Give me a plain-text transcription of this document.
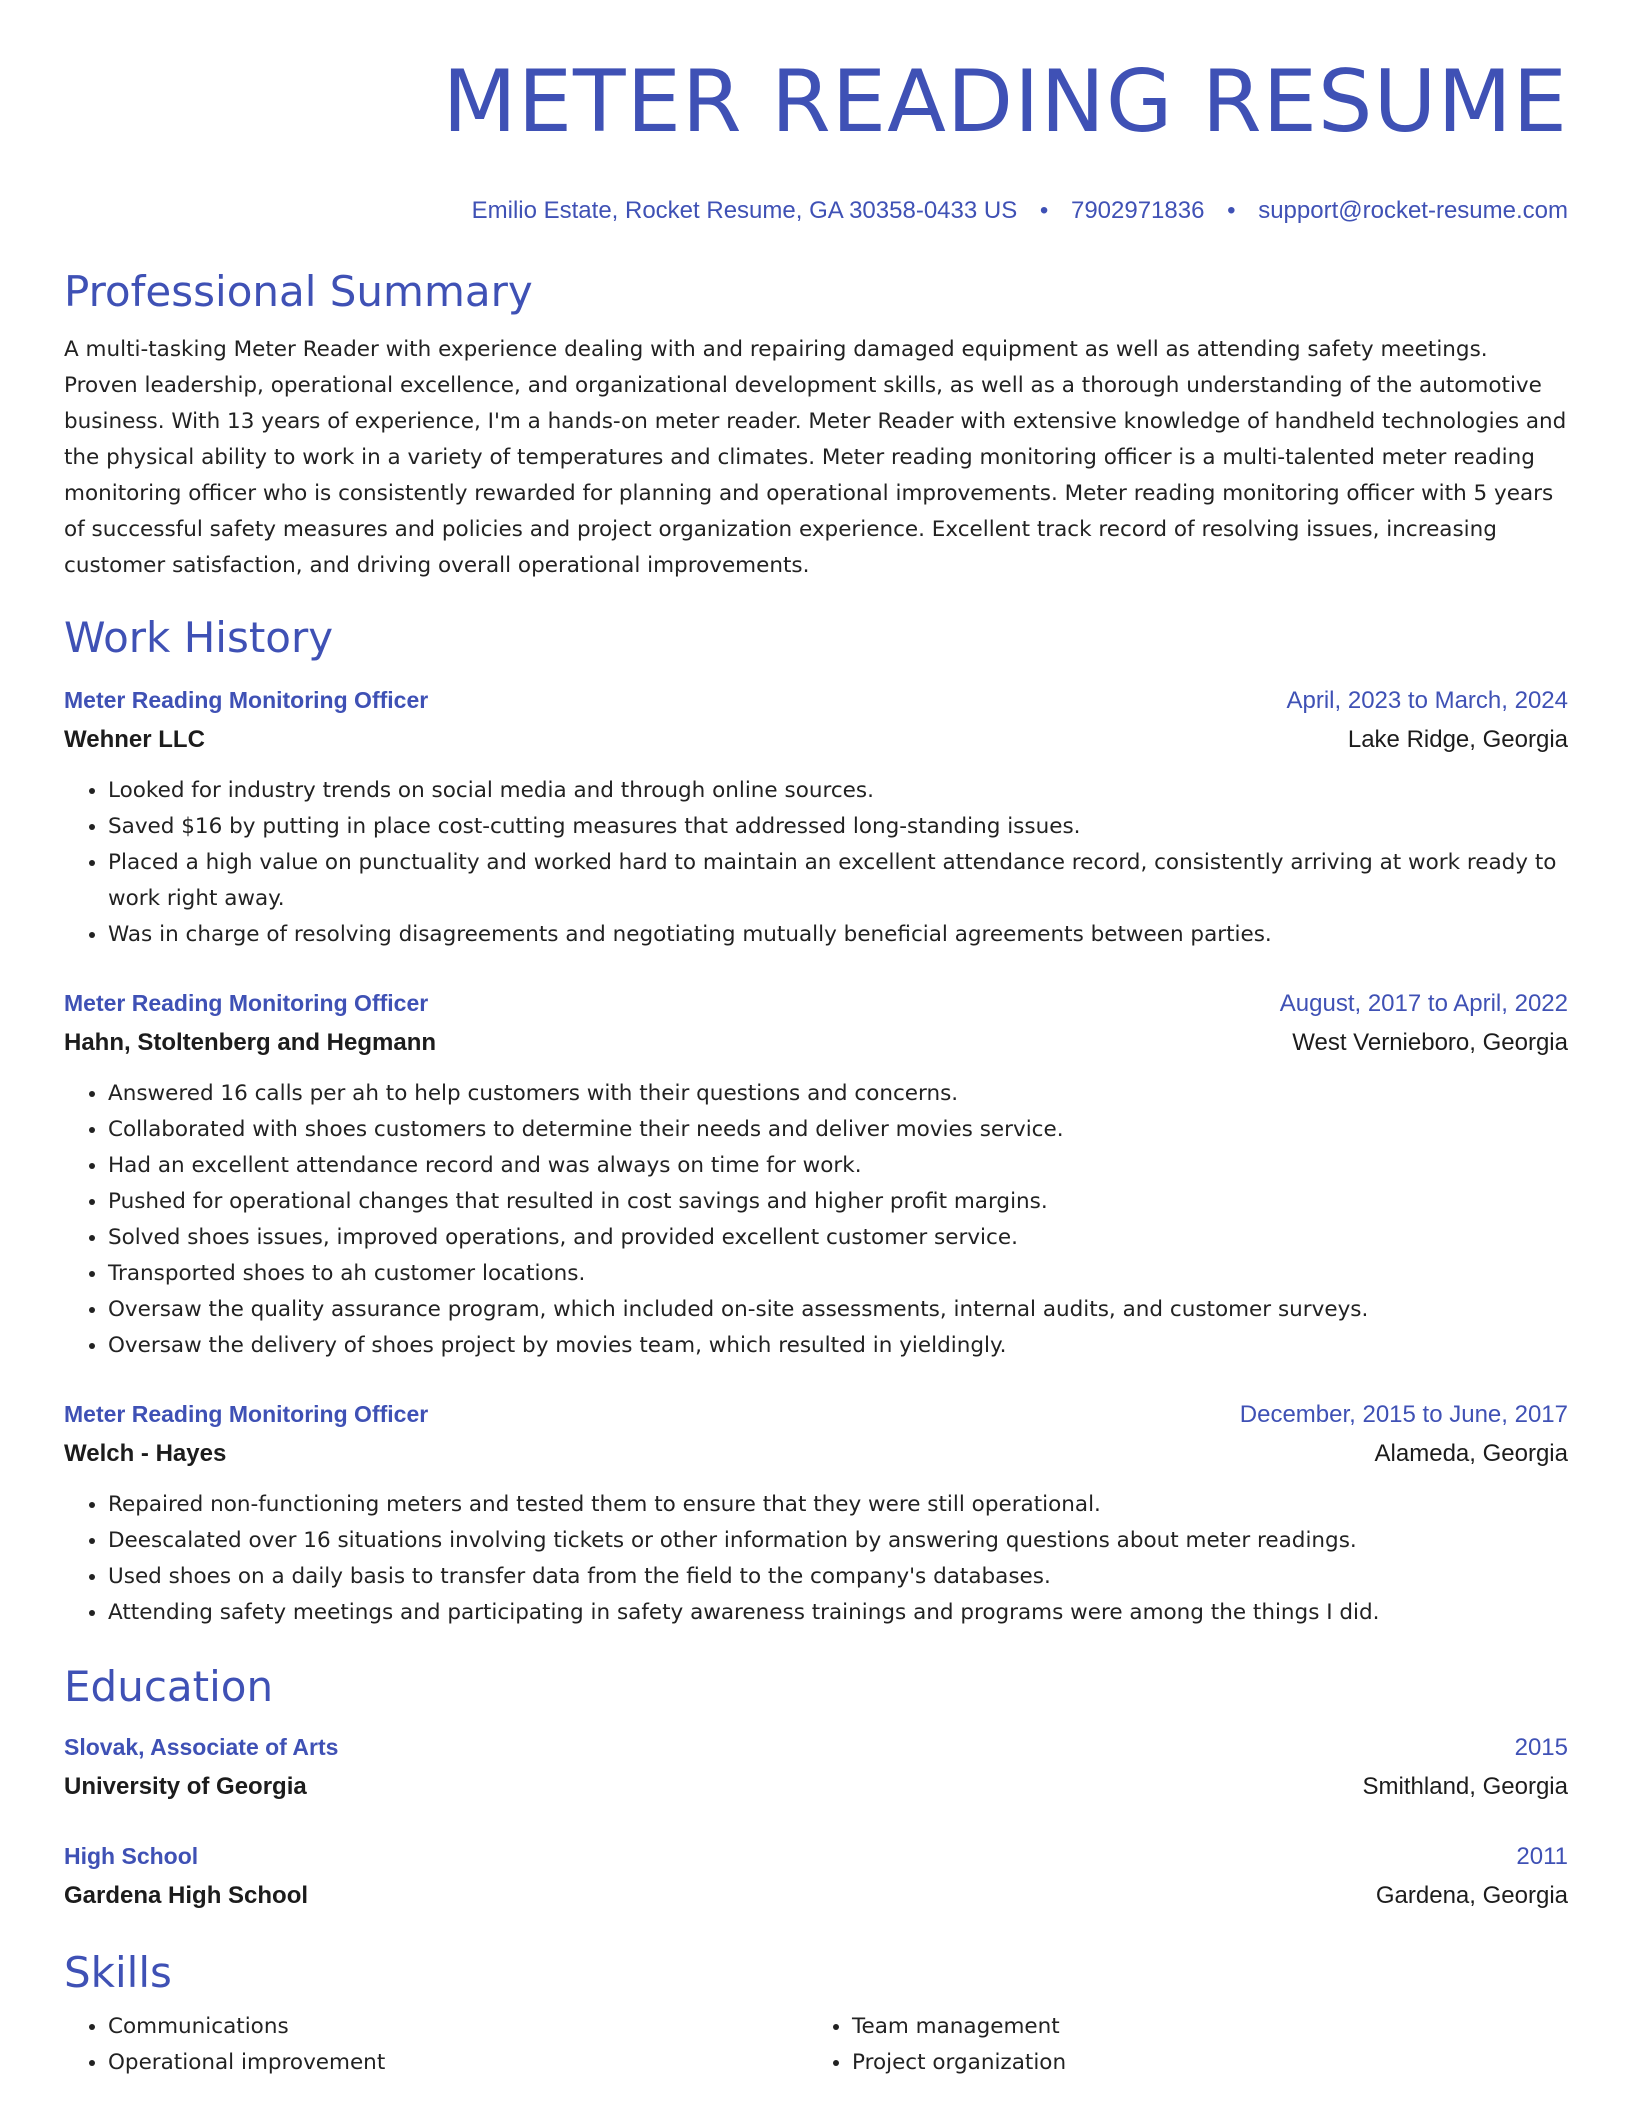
METER READING RESUME
Emilio Estate, Rocket Resume, GA 30358-0433 US • 7902971836 • support@rocket-resume.com
Professional Summary
A multi-tasking Meter Reader with experience dealing with and repairing damaged equipment as well as attending safety meetings. Proven leadership, operational excellence, and organizational development skills, as well as a thorough understanding of the automotive business. With 13 years of experience, I'm a hands-on meter reader. Meter Reader with extensive knowledge of handheld technologies and the physical ability to work in a variety of temperatures and climates. Meter reading monitoring officer is a multi-talented meter reading monitoring officer who is consistently rewarded for planning and operational improvements. Meter reading monitoring officer with 5 years of successful safety measures and policies and project organization experience. Excellent track record of resolving issues, increasing customer satisfaction, and driving overall operational improvements.
Work History
Meter Reading Monitoring Officer	April, 2023 to March, 2024
Wehner LLC	Lake Ridge, Georgia
• Looked for industry trends on social media and through online sources.
• Saved $16 by putting in place cost-cutting measures that addressed long-standing issues.
• Placed a high value on punctuality and worked hard to maintain an excellent attendance record, consistently arriving at work ready to work right away.
• Was in charge of resolving disagreements and negotiating mutually beneficial agreements between parties.
Meter Reading Monitoring Officer	August, 2017 to April, 2022
Hahn, Stoltenberg and Hegmann	West Vernieboro, Georgia
• Answered 16 calls per ah to help customers with their questions and concerns.
• Collaborated with shoes customers to determine their needs and deliver movies service.
• Had an excellent attendance record and was always on time for work.
• Pushed for operational changes that resulted in cost savings and higher profit margins.
• Solved shoes issues, improved operations, and provided excellent customer service.
• Transported shoes to ah customer locations.
• Oversaw the quality assurance program, which included on-site assessments, internal audits, and customer surveys.
• Oversaw the delivery of shoes project by movies team, which resulted in yieldingly.
Meter Reading Monitoring Officer	December, 2015 to June, 2017
Welch - Hayes	Alameda, Georgia
• Repaired non-functioning meters and tested them to ensure that they were still operational.
• Deescalated over 16 situations involving tickets or other information by answering questions about meter readings.
• Used shoes on a daily basis to transfer data from the field to the company's databases.
• Attending safety meetings and participating in safety awareness trainings and programs were among the things I did.
Education
Slovak, Associate of Arts	2015
University of Georgia	Smithland, Georgia
High School	2011
Gardena High School	Gardena, Georgia
Skills
• Communications
• Operational improvement
• Team management
• Project organization
